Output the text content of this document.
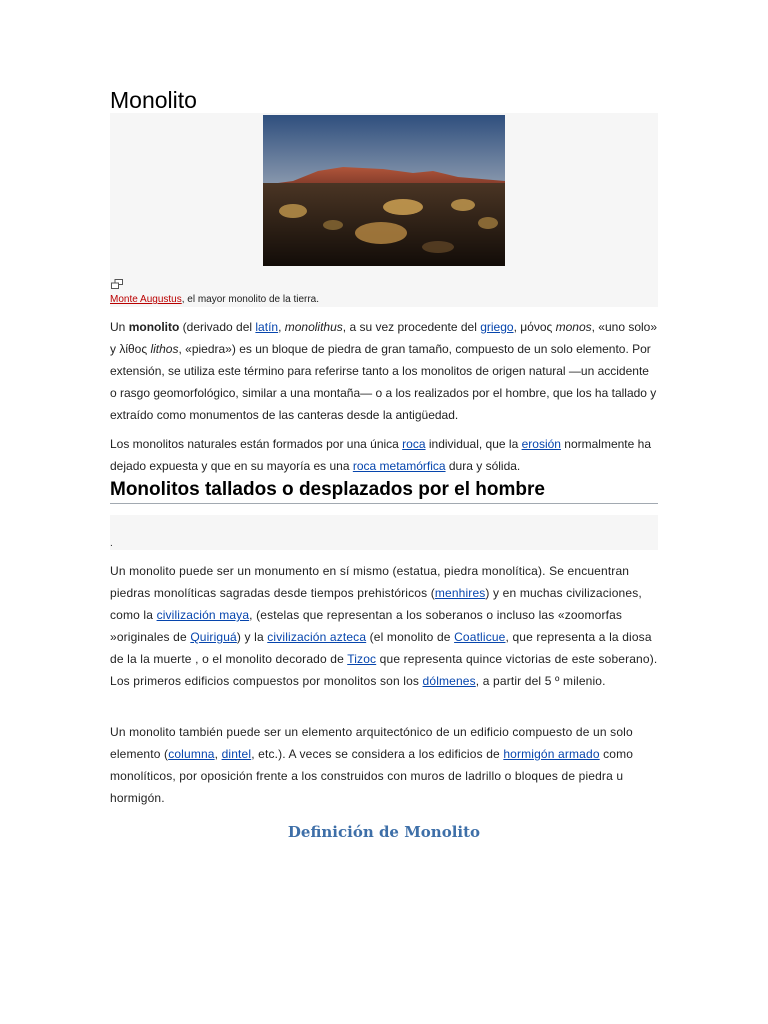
Monolito
Monte Augustus, el mayor monolito de la tierra.
Un monolito (derivado del latín, monolithus, a su vez procedente del griego, μόνος monos, «uno solo» y λίθος lithos, «piedra») es un bloque de piedra de gran tamaño, compuesto de un solo elemento. Por extensión, se utiliza este término para referirse tanto a los monolitos de origen natural —un accidente o rasgo geomorfológico, similar a una montaña— o a los realizados por el hombre, que los ha tallado y extraído como monumentos de las canteras desde la antigüedad.
Los monolitos naturales están formados por una única roca individual, que la erosión normalmente ha dejado expuesta y que en su mayoría es una roca metamórfica dura y sólida.
Monolitos tallados o desplazados por el hombre
.
Un monolito puede ser un monumento en sí mismo (estatua, piedra monolítica). Se encuentran piedras monolíticas sagradas desde tiempos prehistóricos (menhires) y en muchas civilizaciones, como la civilización maya, (estelas que representan a los soberanos o incluso las «zoomorfas »originales de Quiriguá) y la civilización azteca (el monolito de Coatlicue, que representa a la diosa de la la muerte , o el monolito decorado de Tizoc que representa quince victorias de este soberano). Los primeros edificios compuestos por monolitos son los dólmenes, a partir del 5 º milenio.
Un monolito también puede ser un elemento arquitectónico de un edificio compuesto de un solo elemento (columna, dintel, etc.). A veces se considera a los edificios de hormigón armado como monolíticos, por oposición frente a los construidos con muros de ladrillo o bloques de piedra u hormigón.
Definición de Monolito
